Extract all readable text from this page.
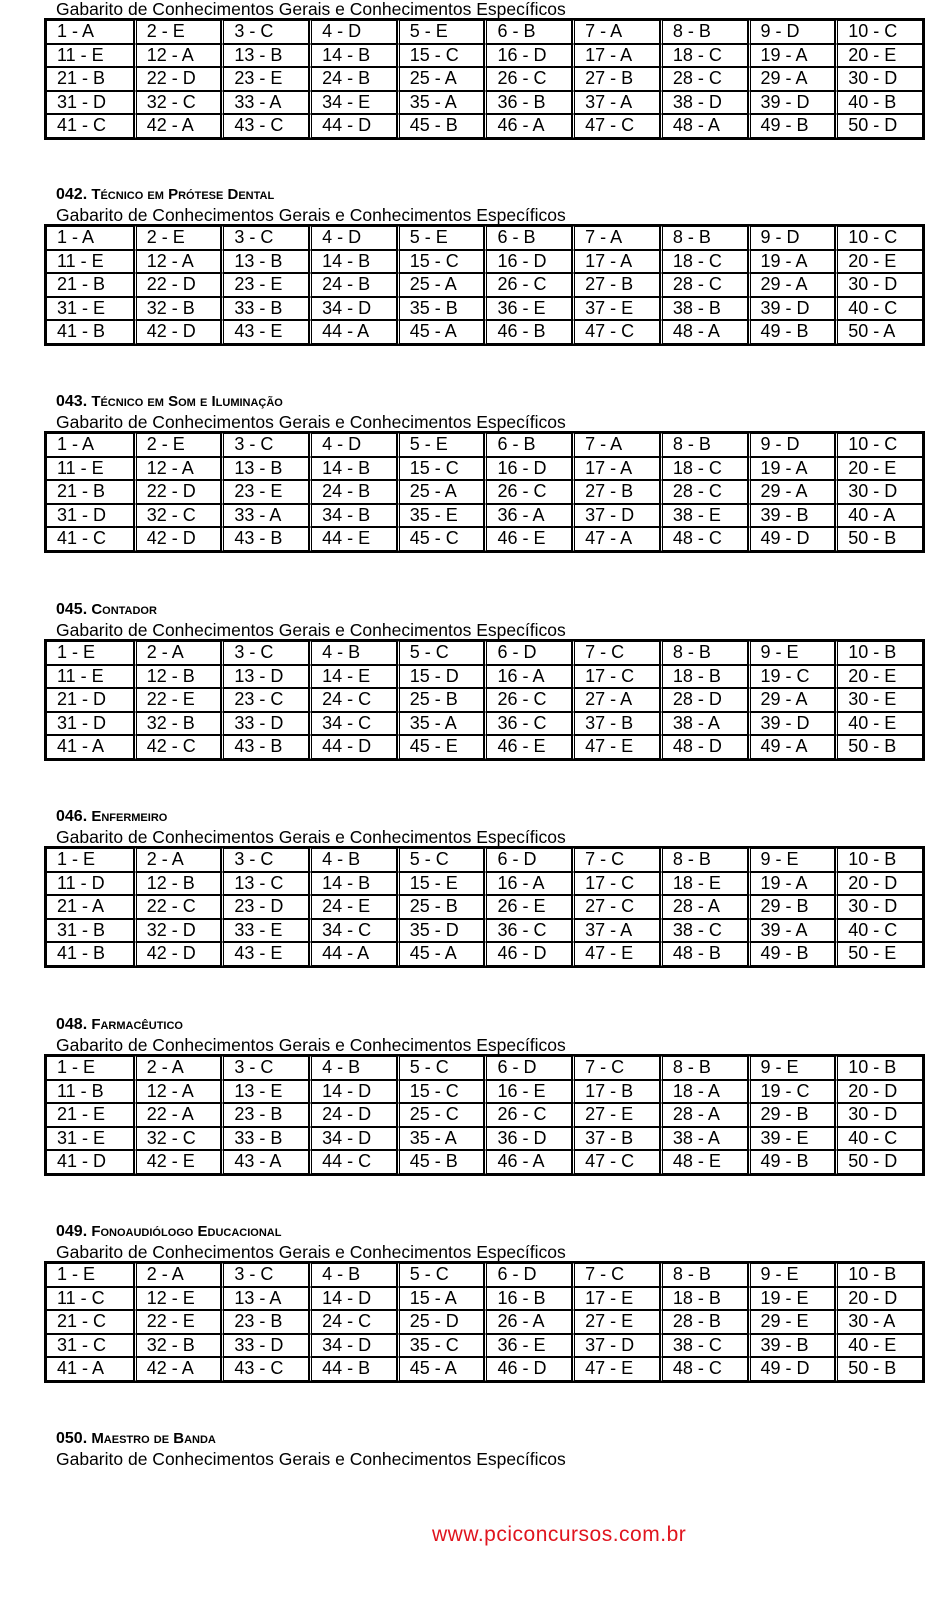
Gabarito de Conhecimentos Gerais e Conhecimentos Específicos
1 - A	2 - E	3 - C	4 - D	5 - E	6 - B	7 - A	8 - B	9 - D	10 - C
11 - E	12 - A	13 - B	14 - B	15 - C	16 - D	17 - A	18 - C	19 - A	20 - E
21 - B	22 - D	23 - E	24 - B	25 - A	26 - C	27 - B	28 - C	29 - A	30 - D
31 - D	32 - C	33 - A	34 - E	35 - A	36 - B	37 - A	38 - D	39 - D	40 - B
41 - C	42 - A	43 - C	44 - D	45 - B	46 - A	47 - C	48 - A	49 - B	50 - D
042. Técnico em Prótese Dental
Gabarito de Conhecimentos Gerais e Conhecimentos Específicos
1 - A	2 - E	3 - C	4 - D	5 - E	6 - B	7 - A	8 - B	9 - D	10 - C
11 - E	12 - A	13 - B	14 - B	15 - C	16 - D	17 - A	18 - C	19 - A	20 - E
21 - B	22 - D	23 - E	24 - B	25 - A	26 - C	27 - B	28 - C	29 - A	30 - D
31 - E	32 - B	33 - B	34 - D	35 - B	36 - E	37 - E	38 - B	39 - D	40 - C
41 - B	42 - D	43 - E	44 - A	45 - A	46 - B	47 - C	48 - A	49 - B	50 - A
043. Técnico em Som e Iluminação
Gabarito de Conhecimentos Gerais e Conhecimentos Específicos
1 - A	2 - E	3 - C	4 - D	5 - E	6 - B	7 - A	8 - B	9 - D	10 - C
11 - E	12 - A	13 - B	14 - B	15 - C	16 - D	17 - A	18 - C	19 - A	20 - E
21 - B	22 - D	23 - E	24 - B	25 - A	26 - C	27 - B	28 - C	29 - A	30 - D
31 - D	32 - C	33 - A	34 - B	35 - E	36 - A	37 - D	38 - E	39 - B	40 - A
41 - C	42 - D	43 - B	44 - E	45 - C	46 - E	47 - A	48 - C	49 - D	50 - B
045. Contador
Gabarito de Conhecimentos Gerais e Conhecimentos Específicos
1 - E	2 - A	3 - C	4 - B	5 - C	6 - D	7 - C	8 - B	9 - E	10 - B
11 - E	12 - B	13 - D	14 - E	15 - D	16 - A	17 - C	18 - B	19 - C	20 - E
21 - D	22 - E	23 - C	24 - C	25 - B	26 - C	27 - A	28 - D	29 - A	30 - E
31 - D	32 - B	33 - D	34 - C	35 - A	36 - C	37 - B	38 - A	39 - D	40 - E
41 - A	42 - C	43 - B	44 - D	45 - E	46 - E	47 - E	48 - D	49 - A	50 - B
046. Enfermeiro
Gabarito de Conhecimentos Gerais e Conhecimentos Específicos
1 - E	2 - A	3 - C	4 - B	5 - C	6 - D	7 - C	8 - B	9 - E	10 - B
11 - D	12 - B	13 - C	14 - B	15 - E	16 - A	17 - C	18 - E	19 - A	20 - D
21 - A	22 - C	23 - D	24 - E	25 - B	26 - E	27 - C	28 - A	29 - B	30 - D
31 - B	32 - D	33 - E	34 - C	35 - D	36 - C	37 - A	38 - C	39 - A	40 - C
41 - B	42 - D	43 - E	44 - A	45 - A	46 - D	47 - E	48 - B	49 - B	50 - E
048. Farmacêutico
Gabarito de Conhecimentos Gerais e Conhecimentos Específicos
1 - E	2 - A	3 - C	4 - B	5 - C	6 - D	7 - C	8 - B	9 - E	10 - B
11 - B	12 - A	13 - E	14 - D	15 - C	16 - E	17 - B	18 - A	19 - C	20 - D
21 - E	22 - A	23 - B	24 - D	25 - C	26 - C	27 - E	28 - A	29 - B	30 - D
31 - E	32 - C	33 - B	34 - D	35 - A	36 - D	37 - B	38 - A	39 - E	40 - C
41 - D	42 - E	43 - A	44 - C	45 - B	46 - A	47 - C	48 - E	49 - B	50 - D
049. Fonoaudiólogo Educacional
Gabarito de Conhecimentos Gerais e Conhecimentos Específicos
1 - E	2 - A	3 - C	4 - B	5 - C	6 - D	7 - C	8 - B	9 - E	10 - B
11 - C	12 - E	13 - A	14 - D	15 - A	16 - B	17 - E	18 - B	19 - E	20 - D
21 - C	22 - E	23 - B	24 - C	25 - D	26 - A	27 - E	28 - B	29 - E	30 - A
31 - C	32 - B	33 - D	34 - D	35 - C	36 - E	37 - D	38 - C	39 - B	40 - E
41 - A	42 - A	43 - C	44 - B	45 - A	46 - D	47 - E	48 - C	49 - D	50 - B
050. Maestro de Banda
Gabarito de Conhecimentos Gerais e Conhecimentos Específicos
www.pciconcursos.com.br
